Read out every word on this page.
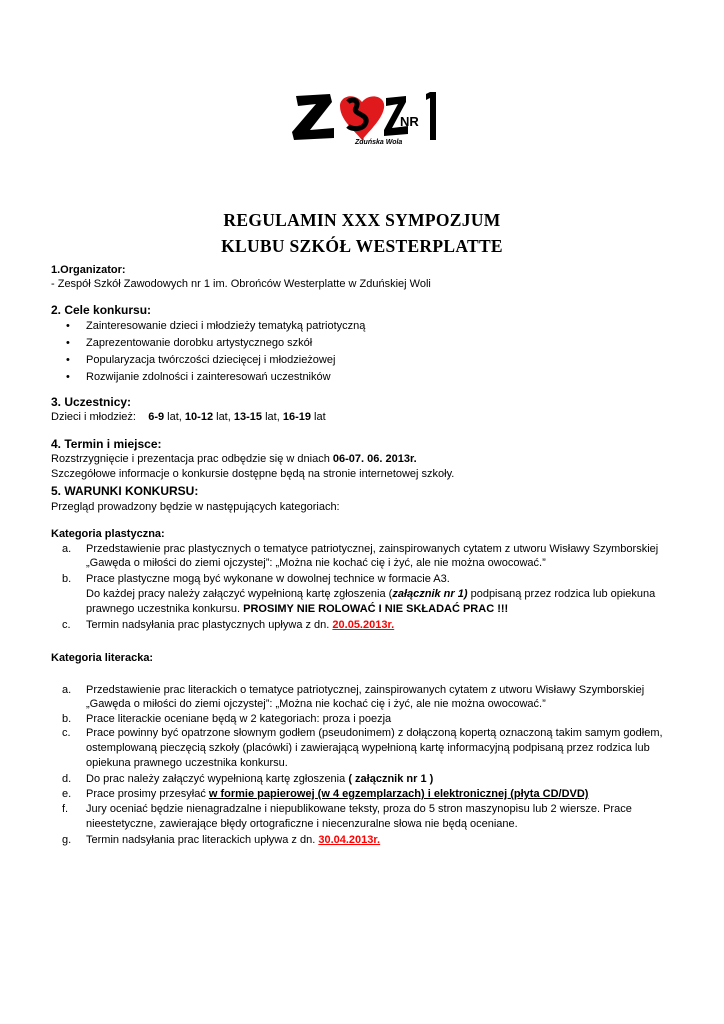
NR
Zduńska Wola
REGULAMIN XXX SYMPOZJUM
KLUBU SZKÓŁ WESTERPLATTE
1.Organizator:
- Zespół Szkół Zawodowych nr 1 im. Obrońców Westerplatte w Zduńskiej Woli
2. Cele konkursu:
• Zainteresowanie dzieci i młodzieży tematyką patriotyczną
• Zaprezentowanie dorobku artystycznego szkół
• Popularyzacja twórczości dziecięcej i młodzieżowej
• Rozwijanie zdolności i zainteresowań uczestników
3. Uczestnicy:
Dzieci i młodzież: 6-9 lat, 10-12 lat, 13-15 lat, 16-19 lat
4. Termin i miejsce:
Rozstrzygnięcie i prezentacja prac odbędzie się w dniach 06-07. 06. 2013r.
Szczegółowe informacje o konkursie dostępne będą na stronie internetowej szkoły.
5. WARUNKI KONKURSU:
Przegląd prowadzony będzie w następujących kategoriach:
Kategoria plastyczna:
a. Przedstawienie prac plastycznych o tematyce patriotycznej, zainspirowanych cytatem z utworu Wisławy Szymborskiej
„Gawęda o miłości do ziemi ojczystej”: „Można nie kochać cię i żyć, ale nie można owocować.”
b. Prace plastyczne mogą być wykonane w dowolnej technice w formacie A3.
Do każdej pracy należy załączyć wypełnioną kartę zgłoszenia (załącznik nr 1) podpisaną przez rodzica lub opiekuna
prawnego uczestnika konkursu. PROSIMY NIE ROLOWAĆ I NIE SKŁADAĆ PRAC !!!
c. Termin nadsyłania prac plastycznych upływa z dn. 20.05.2013r.
Kategoria literacka:
a. Przedstawienie prac literackich o tematyce patriotycznej, zainspirowanych cytatem z utworu Wisławy Szymborskiej
„Gawęda o miłości do ziemi ojczystej”: „Można nie kochać cię i żyć, ale nie można owocować.”
b. Prace literackie oceniane będą w 2 kategoriach: proza i poezja
c. Prace powinny być opatrzone słownym godłem (pseudonimem) z dołączoną kopertą oznaczoną takim samym godłem,
ostemplowaną pieczęcią szkoły (placówki) i zawierającą wypełnioną kartę informacyjną podpisaną przez rodzica lub
opiekuna prawnego uczestnika konkursu.
d. Do prac należy załączyć wypełnioną kartę zgłoszenia ( załącznik nr 1 )
e. Prace prosimy przesyłać w formie papierowej (w 4 egzemplarzach) i elektronicznej (płyta CD/DVD)
f. Jury oceniać będzie nienagradzalne i niepublikowane teksty, proza do 5 stron maszynopisu lub 2 wiersze. Prace
nieestetyczne, zawierające błędy ortograficzne i niecenzuralne słowa nie będą oceniane.
g. Termin nadsyłania prac literackich upływa z dn. 30.04.2013r.
